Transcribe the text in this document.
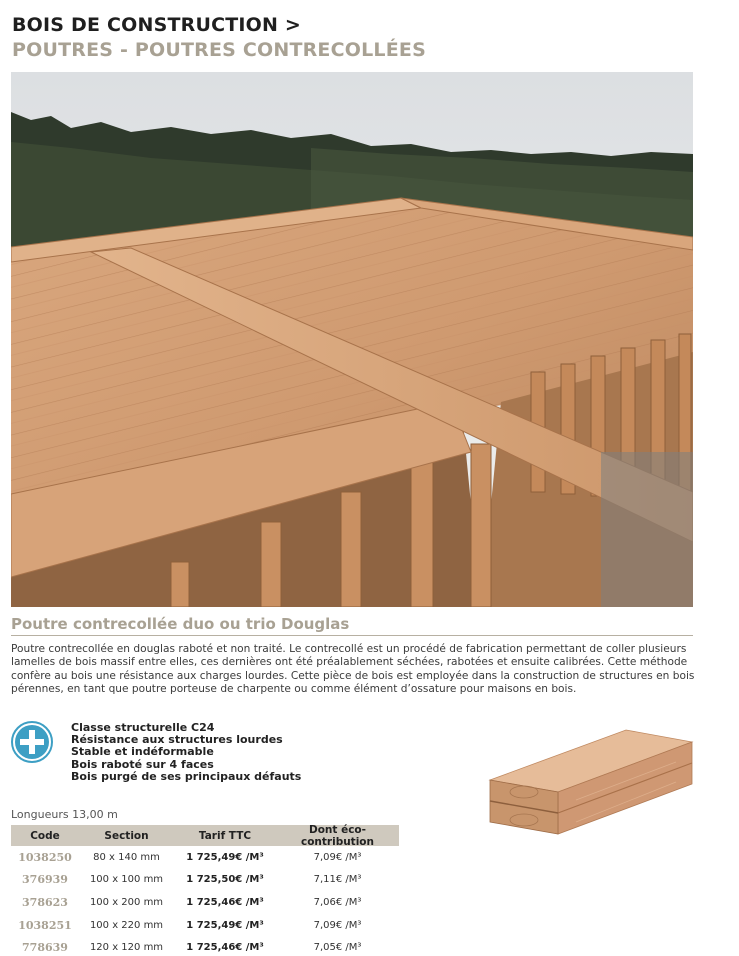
BOIS DE CONSTRUCTION >
POUTRES - POUTRES CONTRECOLLÉES
Poutre contrecollée duo ou trio Douglas

Poutre contrecollée en douglas raboté et non traité. Le contrecollé est un procédé de fabrication permettant de coller plusieurs lamelles de bois massif entre elles, ces dernières ont été préalablement séchées, rabotées et ensuite calibrées. Cette méthode confère au bois une résistance aux charges lourdes. Cette pièce de bois est employée dans la construction de structures en bois pérennes, en tant que poutre porteuse de charpente ou comme élément d’ossature pour maisons en bois.

Classe structurelle C24
Résistance aux structures lourdes
Stable et indéformable
Bois raboté sur 4 faces
Bois purgé de ses principaux défauts
Longueurs 13,00 m
Code	Section	Tarif TTC	Dont éco-contribution
1038250	80 x 140 mm	1 725,49€ /M³	7,09€ /M³
376939	100 x 100 mm	1 725,50€ /M³	7,11€ /M³
378623	100 x 200 mm	1 725,46€ /M³	7,06€ /M³
1038251	100 x 220 mm	1 725,49€ /M³	7,09€ /M³
778639	120 x 120 mm	1 725,46€ /M³	7,05€ /M³
